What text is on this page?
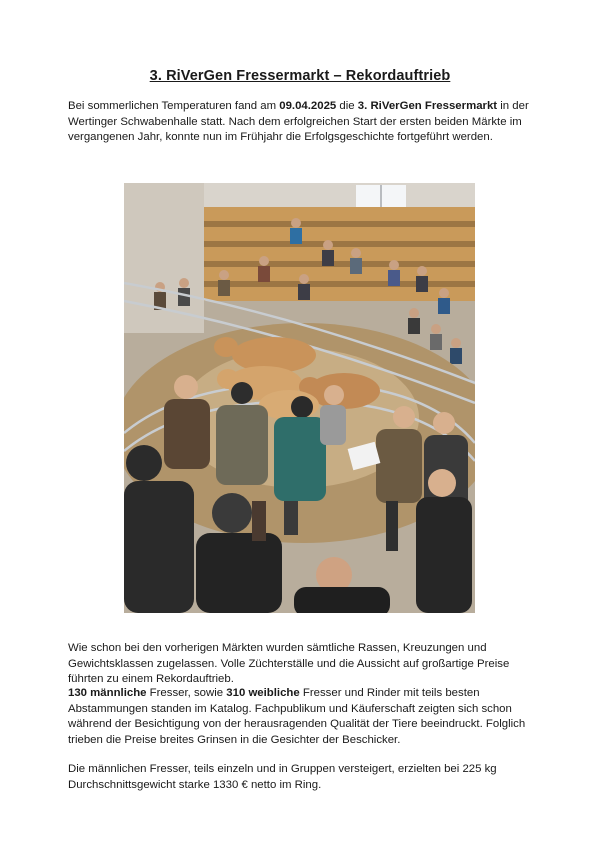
3. RiVerGen Fressermarkt – Rekordauftrieb
Bei sommerlichen Temperaturen fand am 09.04.2025 die 3. RiVerGen Fressermarkt in der Wertinger Schwabenhalle statt. Nach dem erfolgreichen Start der ersten beiden Märkte im vergangenen Jahr, konnte nun im Frühjahr die Erfolgsgeschichte fortgeführt werden.
Wie schon bei den vorherigen Märkten wurden sämtliche Rassen, Kreuzungen und Gewichtsklassen zugelassen. Volle Züchterställe und die Aussicht auf großartige Preise führten zu einem Rekordauftrieb.
130 männliche Fresser, sowie 310 weibliche Fresser und Rinder mit teils besten Abstammungen standen im Katalog. Fachpublikum und Käuferschaft zeigten sich schon während der Besichtigung von der herausragenden Qualität der Tiere beeindruckt. Folglich trieben die Preise breites Grinsen in die Gesichter der Beschicker.
Die männlichen Fresser, teils einzeln und in Gruppen versteigert, erzielten bei 225 kg Durchschnittsgewicht starke 1330 € netto im Ring.
